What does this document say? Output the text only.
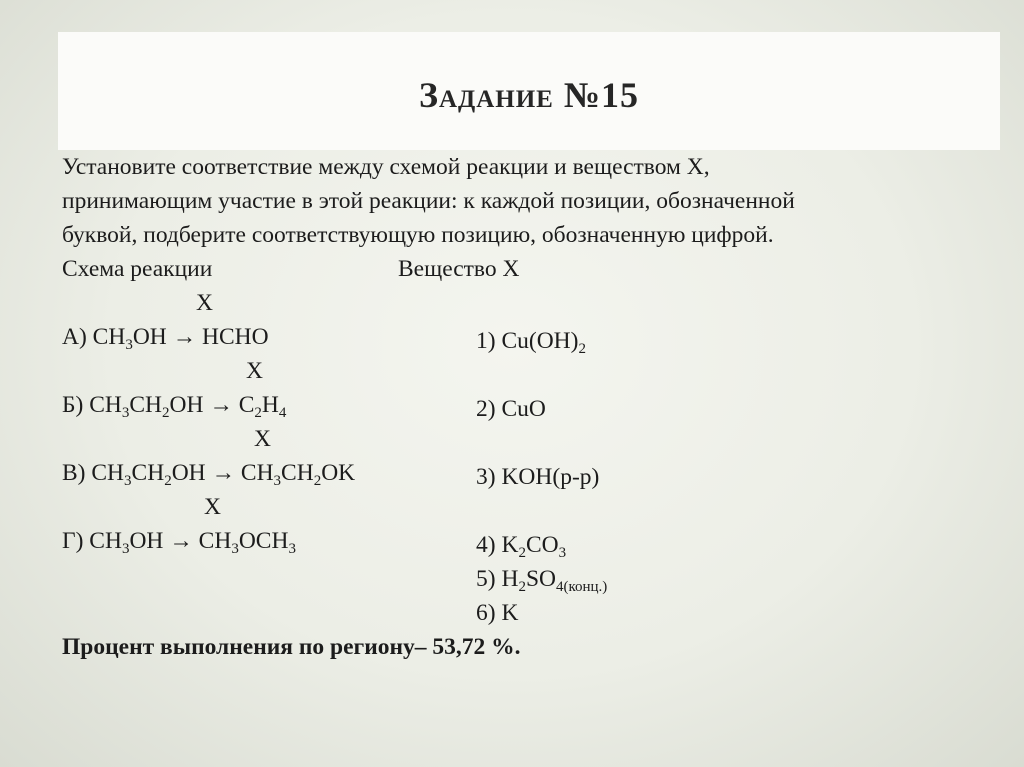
Задание №15
Установите соответствие между схемой реакции и веществом Х,
принимающим участие в этой реакции: к каждой позиции, обозначенной
буквой, подберите соответствующую позицию, обозначенную цифрой.
Схема реакции	Вещество Х
Х
Х
Х
Х
А) $CH_3OH$ → HCHO
Б) $CH_3CH_2OH \to C_2H_4$
В) $CH_3CH_2OH \to CH_3CH_2OK$
Г) $CH_3OH \to CH_3OCH_3$
1) $Cu(OH)_2$
2) CuO
3) KOH(р-р)
4) $K_2CO_3$
5) $H_2SO_{4(конц.)}$
6) K
Процент выполнения по региону– 53,72 %.
